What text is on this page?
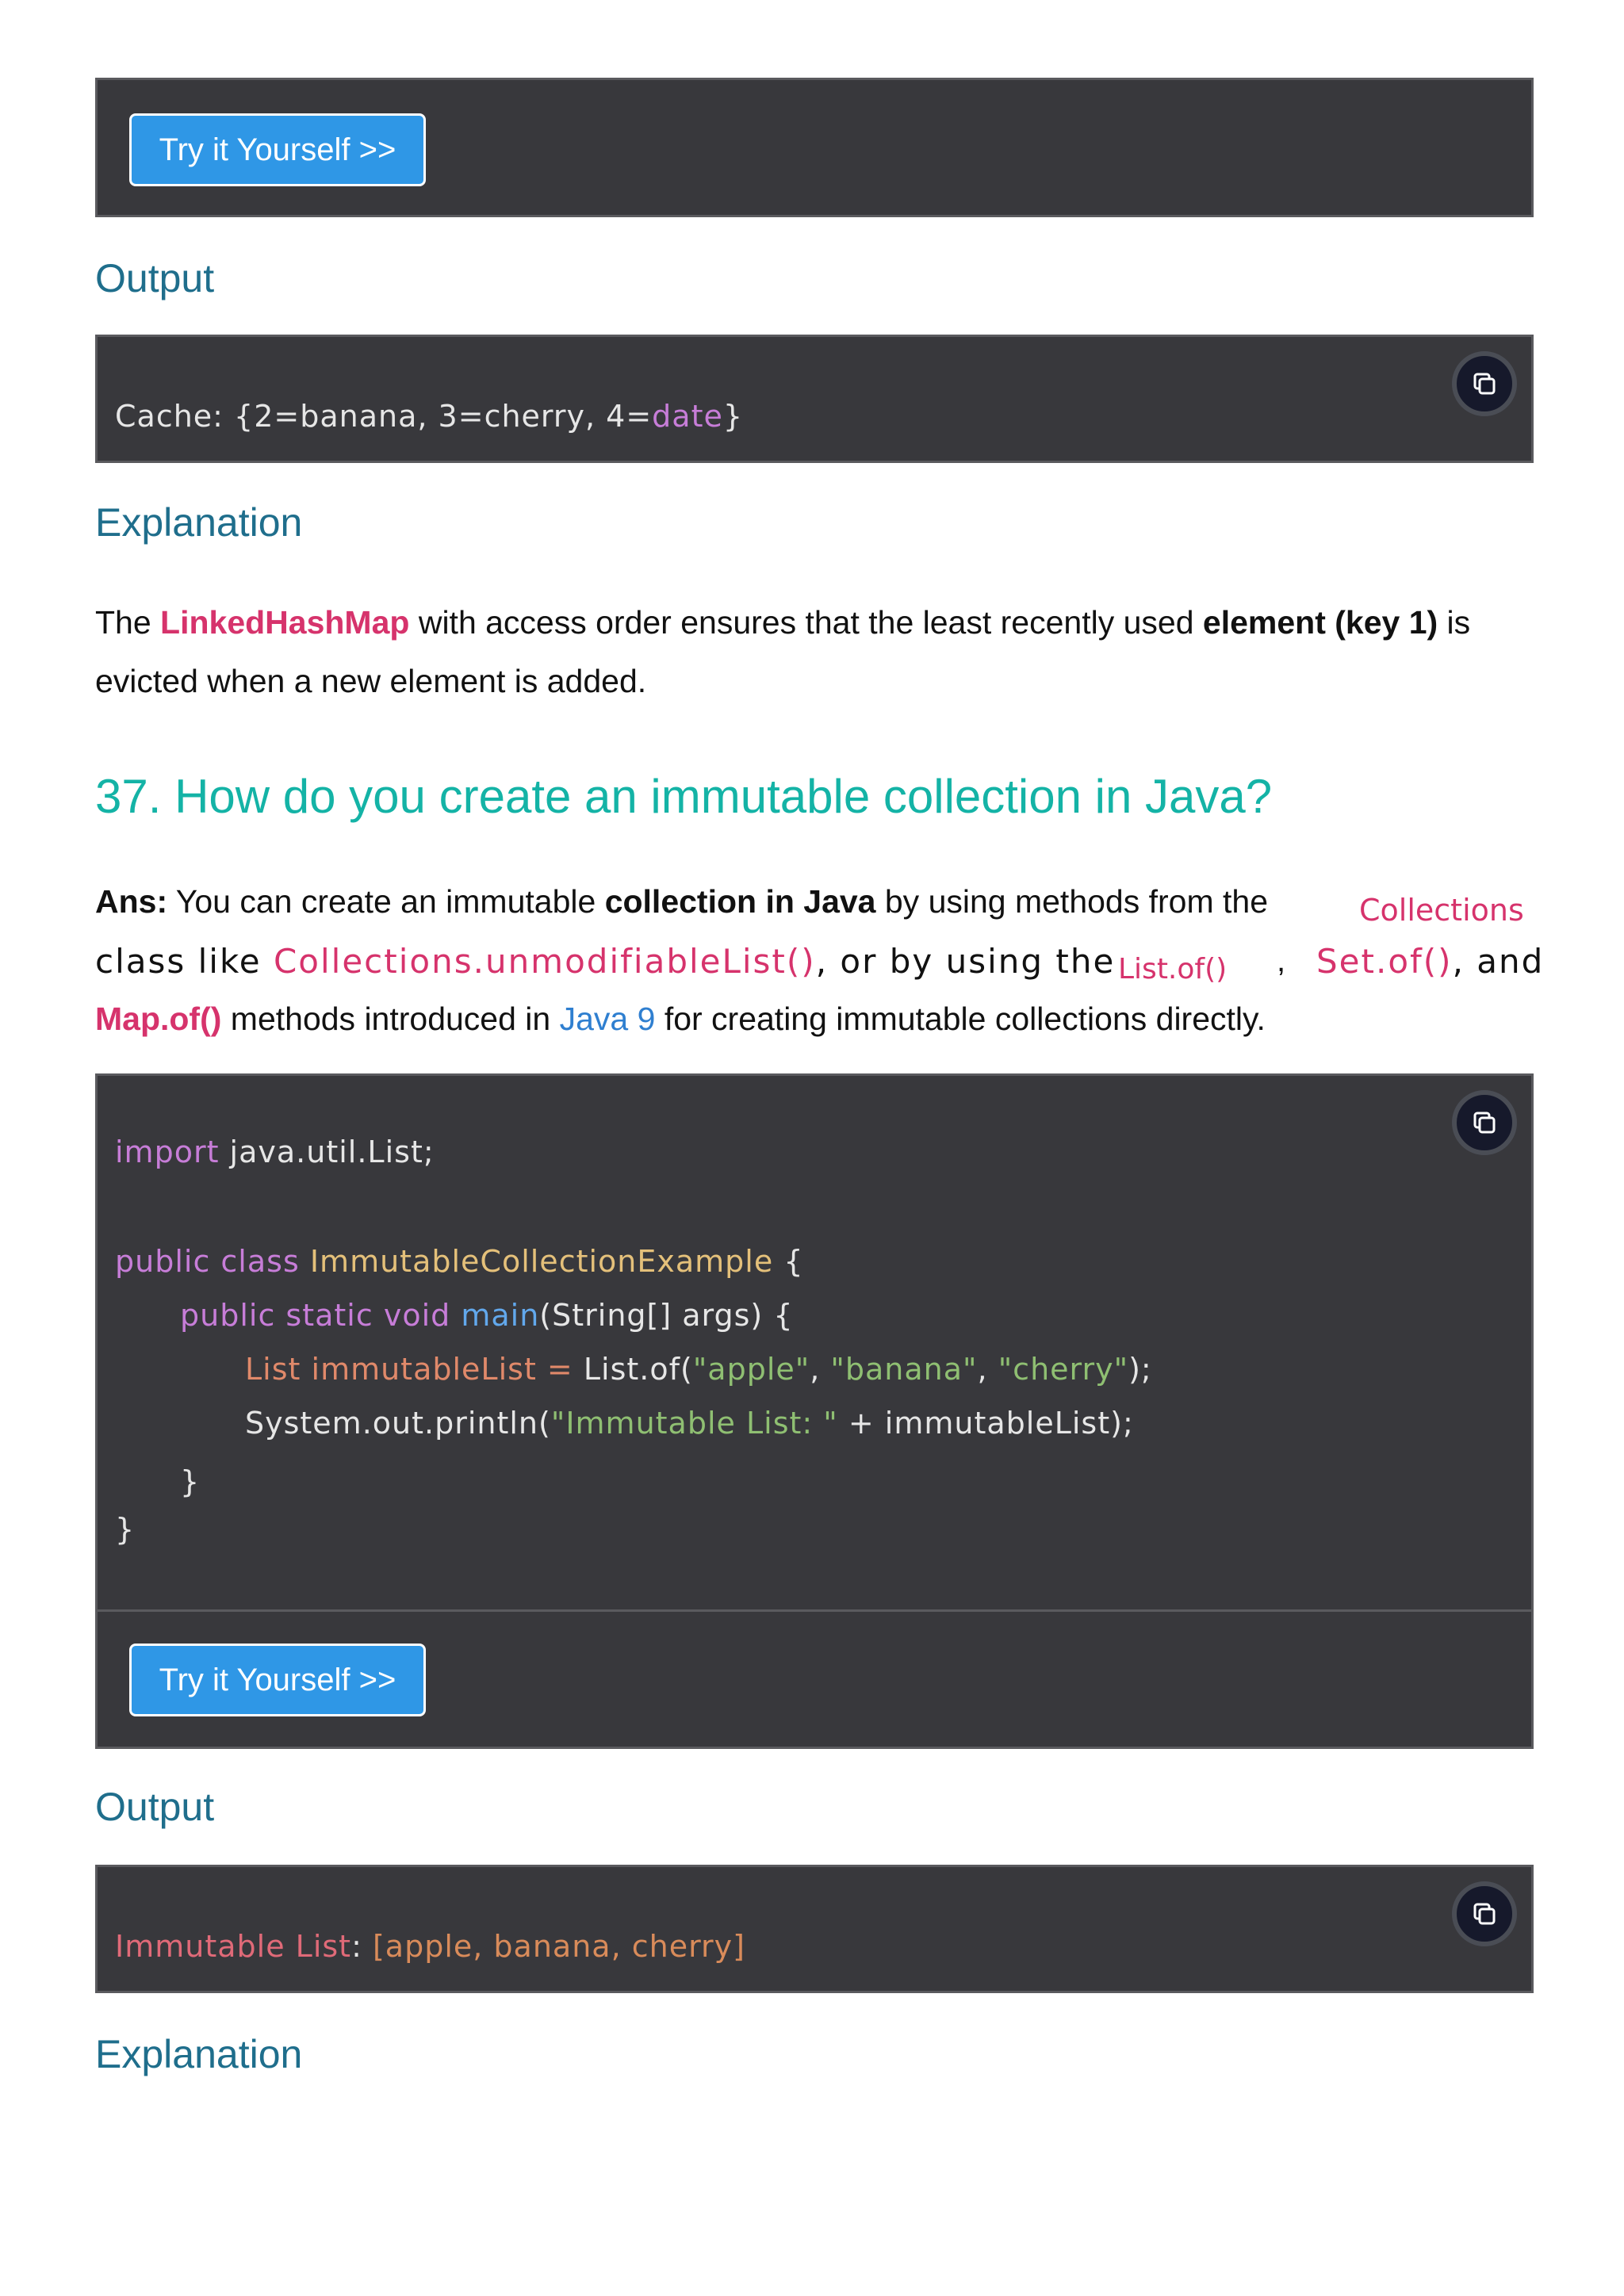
Try it Yourself >>
Output
Cache: {2=banana, 3=cherry, 4=date}
Explanation
The LinkedHashMap with access order ensures that the least recently used element (key 1) is
evicted when a new element is added.
37. How do you create an immutable collection in Java?
Ans: You can create an immutable collection in Java by using methods from the	Collections
class like Collections.unmodifiableList(), or by using the List.of() , Set.of(), and
Map.of() methods introduced in Java 9 for creating immutable collections directly.
import java.util.List;
public class ImmutableCollectionExample {
public static void main(String[] args) {
List immutableList = List.of("apple", "banana", "cherry");
System.out.println("Immutable List: " + immutableList);
}
}
Try it Yourself >>
Output
Immutable List: [apple, banana, cherry]
Explanation
